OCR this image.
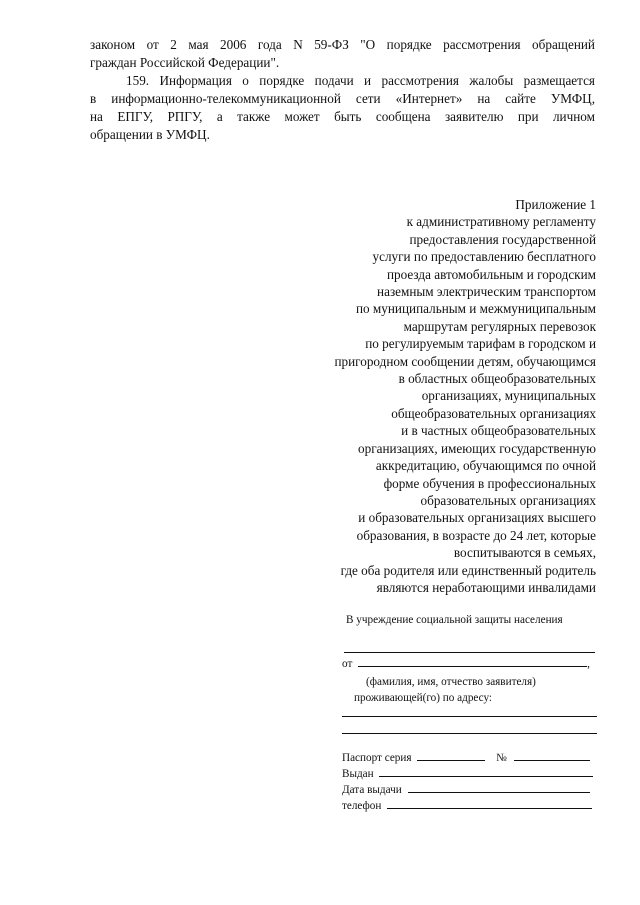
законом от 2 мая 2006 года N 59-ФЗ "О порядке рассмотрения обращений
граждан Российской Федерации".
159. Информация о порядке подачи и рассмотрения жалобы размещается
в информационно-телекоммуникационной сети «Интернет» на сайте УМФЦ,
на ЕПГУ, РПГУ, а также может быть сообщена заявителю при личном
обращении в УМФЦ.
Приложение 1
к административному регламенту
предоставления государственной
услуги по предоставлению бесплатного
проезда автомобильным и городским
наземным электрическим транспортом
по муниципальным и межмуниципальным
маршрутам регулярных перевозок
по регулируемым тарифам в городском и
пригородном сообщении детям, обучающимся
в областных общеобразовательных
организациях, муниципальных
общеобразовательных организациях
и в частных общеобразовательных
организациях, имеющих государственную
аккредитацию, обучающимся по очной
форме обучения в профессиональных
образовательных организациях
и образовательных организациях высшего
образования, в возрасте до 24 лет, которые
воспитываются в семьях,
где оба родителя или единственный родитель
являются неработающими инвалидами
В учреждение социальной защиты населения
от	,
(фамилия, имя, отчество заявителя)
проживающей(го) по адресу:
Паспорт серия	№
Выдан
Дата выдачи
телефон
